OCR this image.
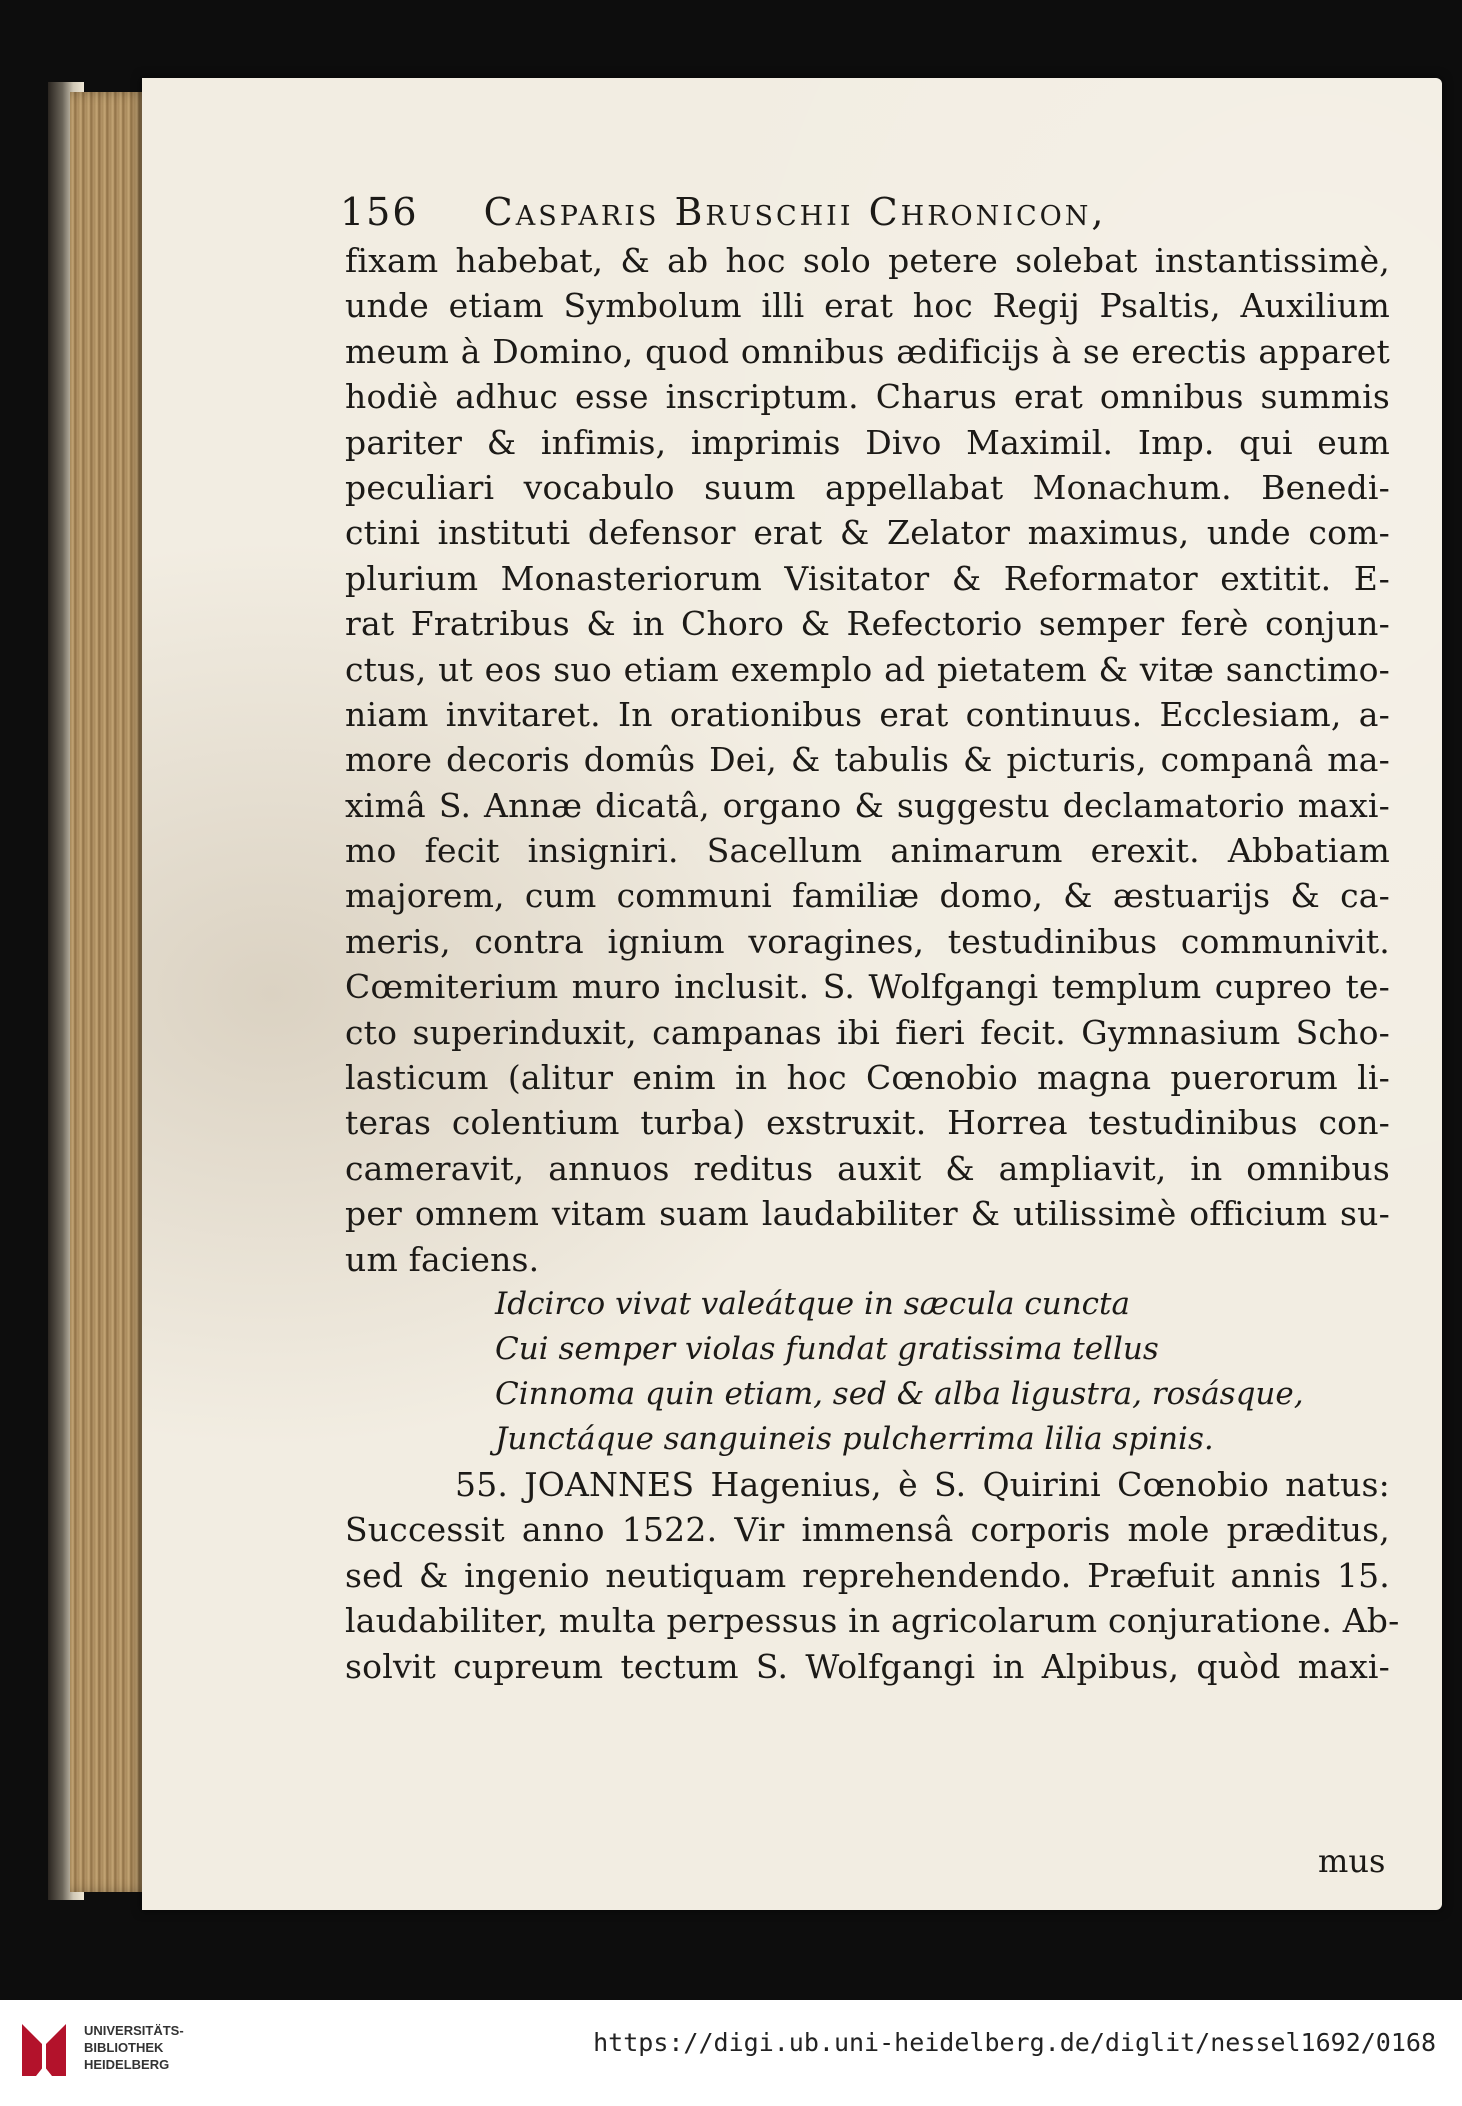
156 Casparis Bruschii Chronicon,
fixam habebat, & ab hoc solo petere solebat instantissimè,
unde etiam Symbolum illi erat hoc Regij Psaltis, Auxilium
meum à Domino, quod omnibus ædificijs à se erectis apparet
hodiè adhuc esse inscriptum. Charus erat omnibus summis
pariter & infimis, imprimis Divo Maximil. Imp. qui eum
peculiari vocabulo suum appellabat Monachum. Benedi-
ctini instituti defensor erat & Zelator maximus, unde com-
plurium Monasteriorum Visitator & Reformator extitit. E-
rat Fratribus & in Choro & Refectorio semper ferè conjun-
ctus, ut eos suo etiam exemplo ad pietatem & vitæ sanctimo-
niam invitaret. In orationibus erat continuus. Ecclesiam, a-
more decoris domûs Dei, & tabulis & picturis, companâ ma-
ximâ S. Annæ dicatâ, organo & suggestu declamatorio maxi-
mo fecit insigniri. Sacellum animarum erexit. Abbatiam
majorem, cum communi familiæ domo, & æstuarijs & ca-
meris, contra ignium voragines, testudinibus communivit.
Cœmiterium muro inclusit. S. Wolfgangi templum cupreo te-
cto superinduxit, campanas ibi fieri fecit. Gymnasium Scho-
lasticum (alitur enim in hoc Cœnobio magna puerorum li-
teras colentium turba) exstruxit. Horrea testudinibus con-
cameravit, annuos reditus auxit & ampliavit, in omnibus
per omnem vitam suam laudabiliter & utilissimè officium su-
um faciens.
Idcirco vivat valeátque in sæcula cuncta
Cui semper violas fundat gratissima tellus
Cinnoma quin etiam, sed & alba ligustra, rosásque,
Junctáque sanguineis pulcherrima lilia spinis.
55. JOANNES Hagenius, è S. Quirini Cœnobio natus:
Successit anno 1522. Vir immensâ corporis mole præditus,
sed & ingenio neutiquam reprehendendo. Præfuit annis 15.
laudabiliter, multa perpessus in agricolarum conjuratione. Ab-
solvit cupreum tectum S. Wolfgangi in Alpibus, quòd maxi-
mus
UNIVERSITÄTS-
BIBLIOTHEK
HEIDELBERG
https://digi.ub.uni-heidelberg.de/diglit/nessel1692/0168
